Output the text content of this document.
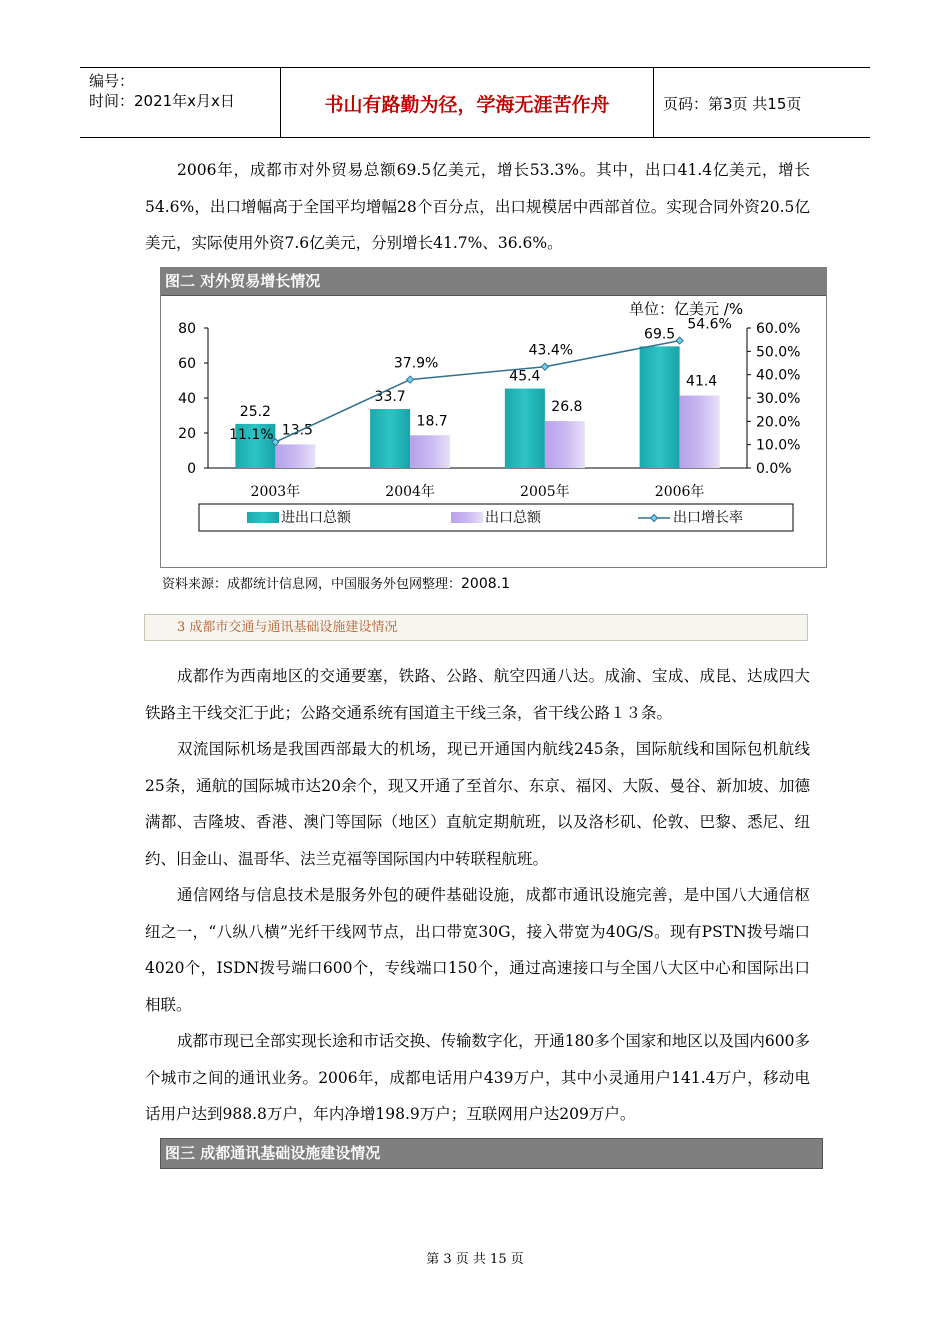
编号：
时间：2021年x月x日	书山有路勤为径，学海无涯苦作舟	页码：第3页 共15页
2006年，成都市对外贸易总额69.5亿美元，增长53.3%。其中，出口41.4亿美元，增长54.6%，出口增幅高于全国平均增幅28个百分点，出口规模居中西部首位。实现合同外资20.5亿美元，实际使用外资7.6亿美元，分别增长41.7%、36.6%。
图二 对外贸易增长情况
单位：亿美元 /%
0
20
40
60
80
0.0%
10.0%
20.0%
30.0%
40.0%
50.0%
60.0%
25.2
13.5
2003年
33.7
18.7
2004年
45.4
26.8
2005年
69.5
41.4
2006年
11.1%
37.9%
43.4%
54.6%
进出口总额	出口总额	出口增长率
资料来源：成都统计信息网，中国服务外包网整理：2008.1
3 成都市交通与通讯基础设施建设情况
成都作为西南地区的交通要塞，铁路、公路、航空四通八达。成渝、宝成、成昆、达成四大铁路主干线交汇于此；公路交通系统有国道主干线三条，省干线公路１３条。
双流国际机场是我国西部最大的机场，现已开通国内航线245条，国际航线和国际包机航线25条，通航的国际城市达20余个，现又开通了至首尔、东京、福冈、大阪、曼谷、新加坡、加德满都、吉隆坡、香港、澳门等国际（地区）直航定期航班，以及洛杉矶、伦敦、巴黎、悉尼、纽约、旧金山、温哥华、法兰克福等国际国内中转联程航班。
通信网络与信息技术是服务外包的硬件基础设施，成都市通讯设施完善，是中国八大通信枢纽之一，“八纵八横”光纤干线网节点，出口带宽30G，接入带宽为40G/S。现有PSTN拨号端口4020个，ISDN拨号端口600个，专线端口150个，通过高速接口与全国八大区中心和国际出口相联。
成都市现已全部实现长途和市话交换、传输数字化，开通180多个国家和地区以及国内600多个城市之间的通讯业务。2006年，成都电话用户439万户，其中小灵通用户141.4万户，移动电话用户达到988.8万户，年内净增198.9万户；互联网用户达209万户。
图三 成都通讯基础设施建设情况
第 3 页 共 15 页
